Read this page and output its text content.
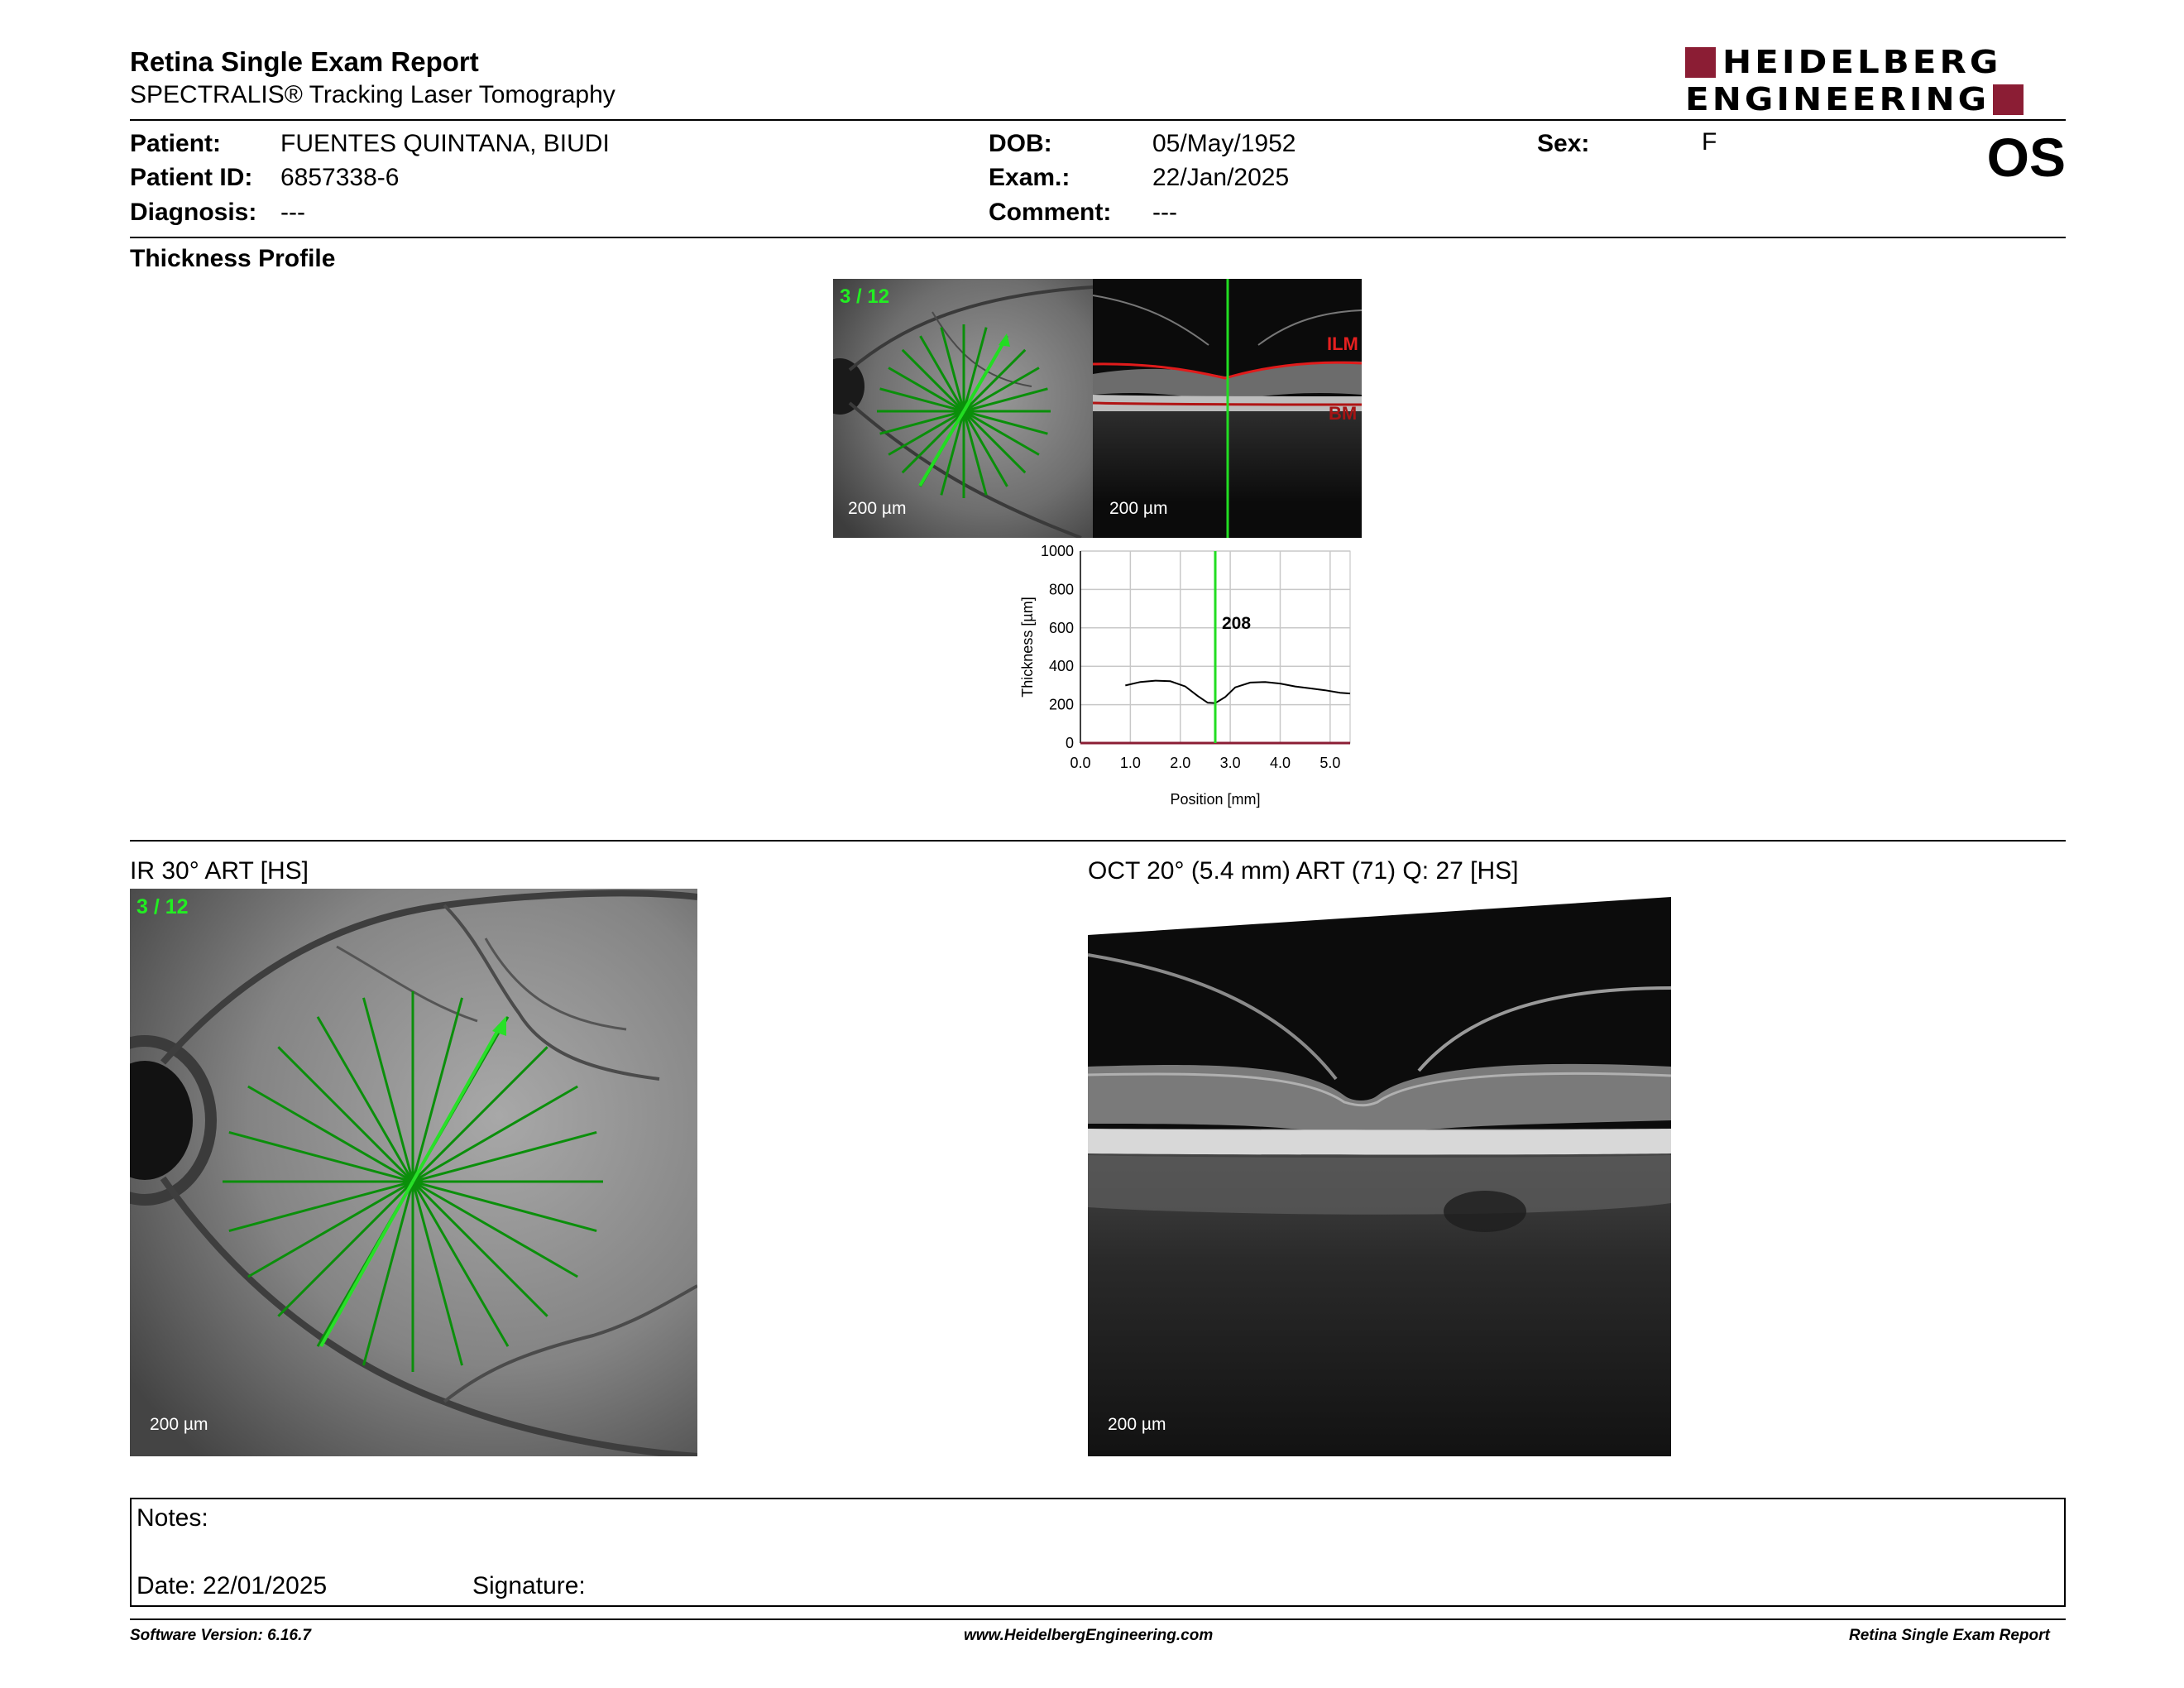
Retina Single Exam Report
SPECTRALIS® Tracking Laser Tomography
HEIDELBERG
ENGINEERING
Patient: FUENTES QUINTANA, BIUDI
Patient ID: 6857338-6
Diagnosis: ---
DOB:	05/May/1952
Exam.:	22/Jan/2025
Comment: ---
Sex:	F	OS
Thickness Profile
3 / 12
200 µm
ILM
BM
200 µm
0
200
400
600
800
1000
0.0 1.0 2.0 3.0 4.0 5.0
208
Position [mm]
Thickness [µm]
IR 30° ART [HS]
3 / 12
200 µm
OCT 20° (5.4 mm) ART (71) Q: 27 [HS]
200 µm
Notes:
Date: 22/01/2025	Signature:
Software Version: 6.16.7	www.HeidelbergEngineering.com	Retina Single Exam Report
